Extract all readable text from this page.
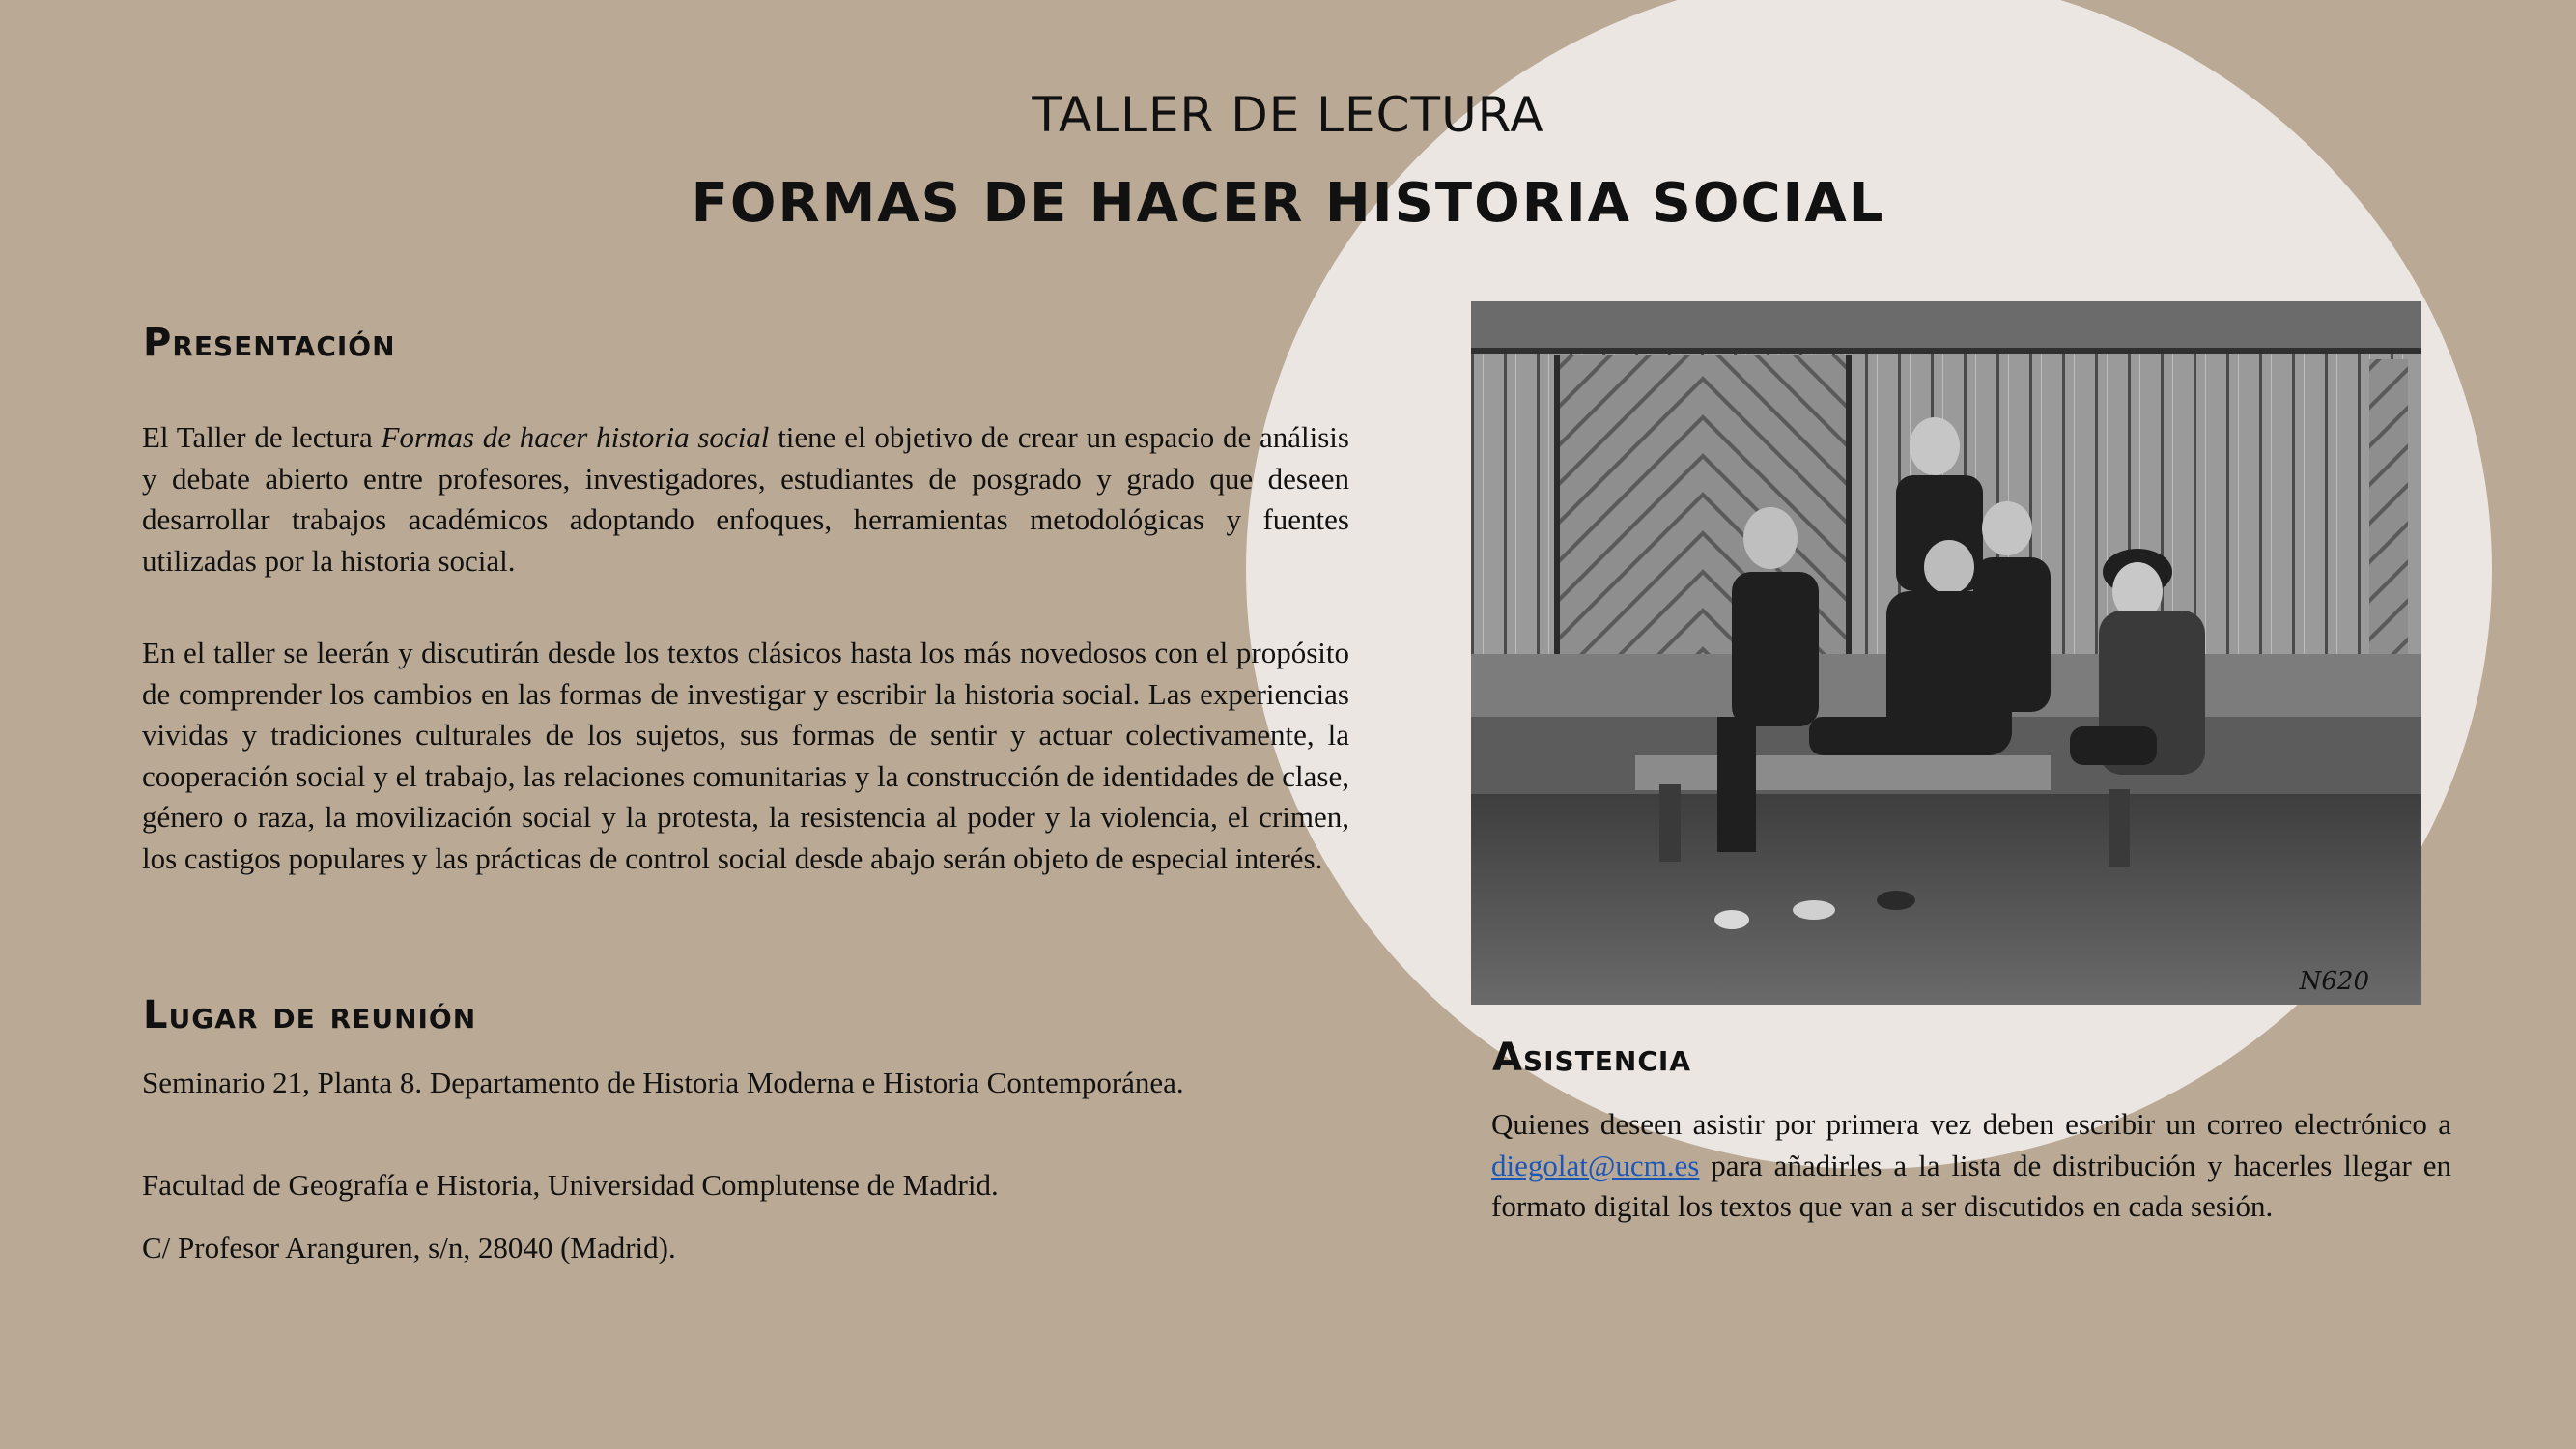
TALLER DE LECTURA
FORMAS DE HACER HISTORIA SOCIAL
Presentación
El Taller de lectura Formas de hacer historia social tiene el objetivo de crear un espacio de análisis y debate abierto entre profesores, investigadores, estudiantes de posgrado y grado que deseen desarrollar trabajos académicos adoptando enfoques, herramientas metodológicas y fuentes utilizadas por la historia social.
En el taller se leerán y discutirán desde los textos clásicos hasta los más novedosos con el propósito de comprender los cambios en las formas de investigar y escribir la historia social. Las experiencias vividas y tradiciones culturales de los sujetos, sus formas de sentir y actuar colectivamente, la cooperación social y el trabajo, las relaciones comunitarias y la construcción de identidades de clase, género o raza, la movilización social y la protesta, la resistencia al poder y la violencia, el crimen, los castigos populares y las prácticas de control social desde abajo serán objeto de especial interés.
Lugar de reunión
Seminario 21, Planta 8. Departamento de Historia Moderna e Historia Contemporánea.
Facultad de Geografía e Historia, Universidad Complutense de Madrid.
C/ Profesor Aranguren, s/n, 28040 (Madrid).
N620
Asistencia
Quienes deseen asistir por primera vez deben escribir un correo electrónico a diegolat@ucm.es para añadirles a la lista de distribución y hacerles llegar en formato digital los textos que van a ser discutidos en cada sesión.
